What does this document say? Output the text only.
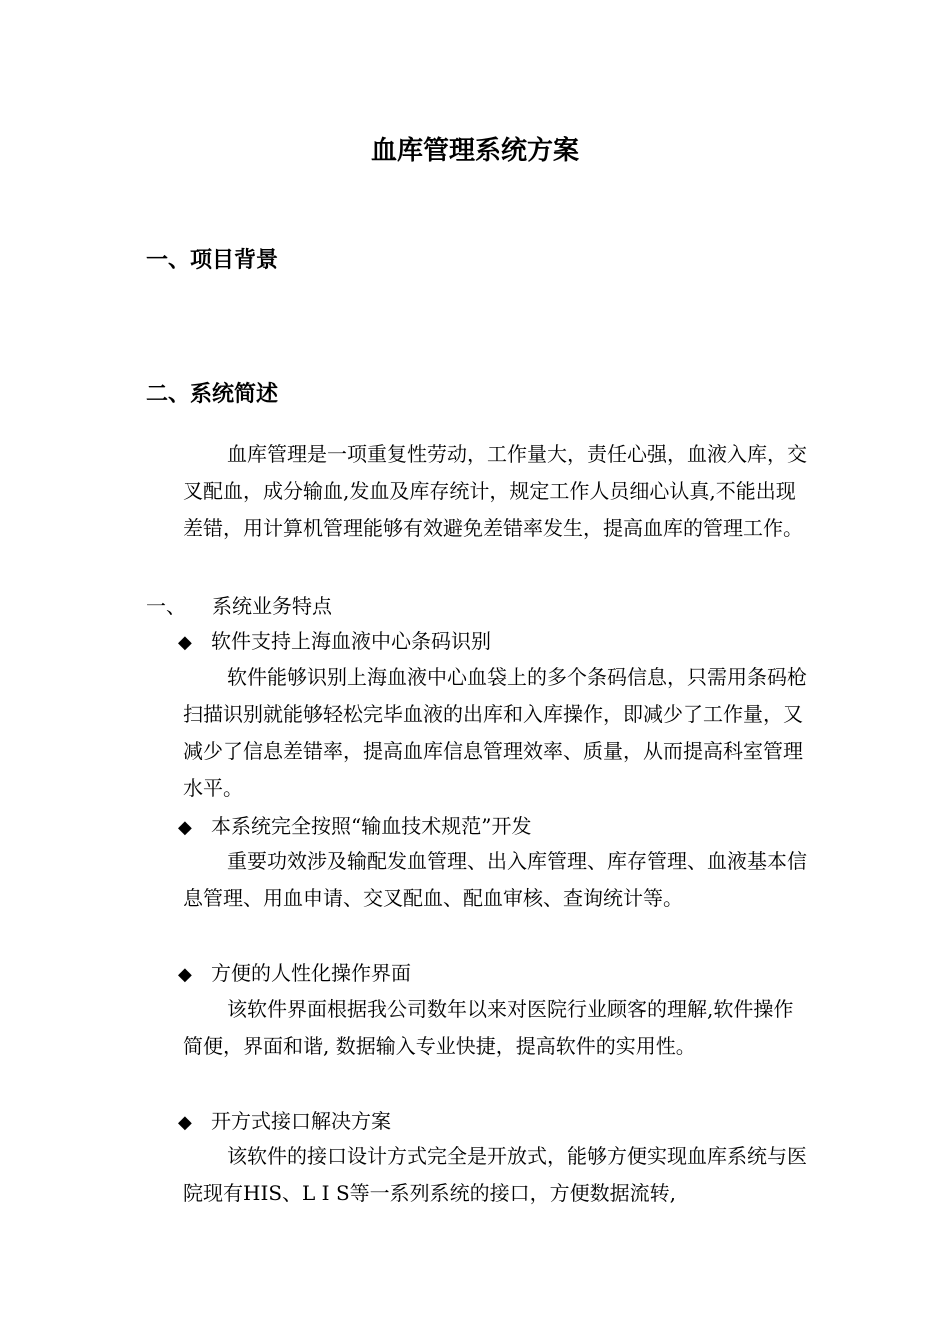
血库管理系统方案
一、项目背景
二、系统简述
血库管理是一项重复性劳动，工作量大，责任心强，血液入库，交叉配血，成分输血,发血及库存统计，规定工作人员细心认真,不能出现差错，用计算机管理能够有效避免差错率发生，提高血库的管理工作。
一、 系统业务特点
◆ 软件支持上海血液中心条码识别
软件能够识别上海血液中心血袋上的多个条码信息，只需用条码枪扫描识别就能够轻松完毕血液的出库和入库操作，即减少了工作量，又减少了信息差错率，提高血库信息管理效率、质量，从而提高科室管理水平。
◆ 本系统完全按照“输血技术规范”开发
重要功效涉及输配发血管理、出入库管理、库存管理、血液基本信息管理、用血申请、交叉配血、配血审核、查询统计等。
◆ 方便的人性化操作界面
该软件界面根据我公司数年以来对医院行业顾客的理解,软件操作简便，界面和谐, 数据输入专业快捷，提高软件的实用性。
◆ 开方式接口解决方案
该软件的接口设计方式完全是开放式，能够方便实现血库系统与医院现有HIS、L I S等一系列系统的接口，方便数据流转,
